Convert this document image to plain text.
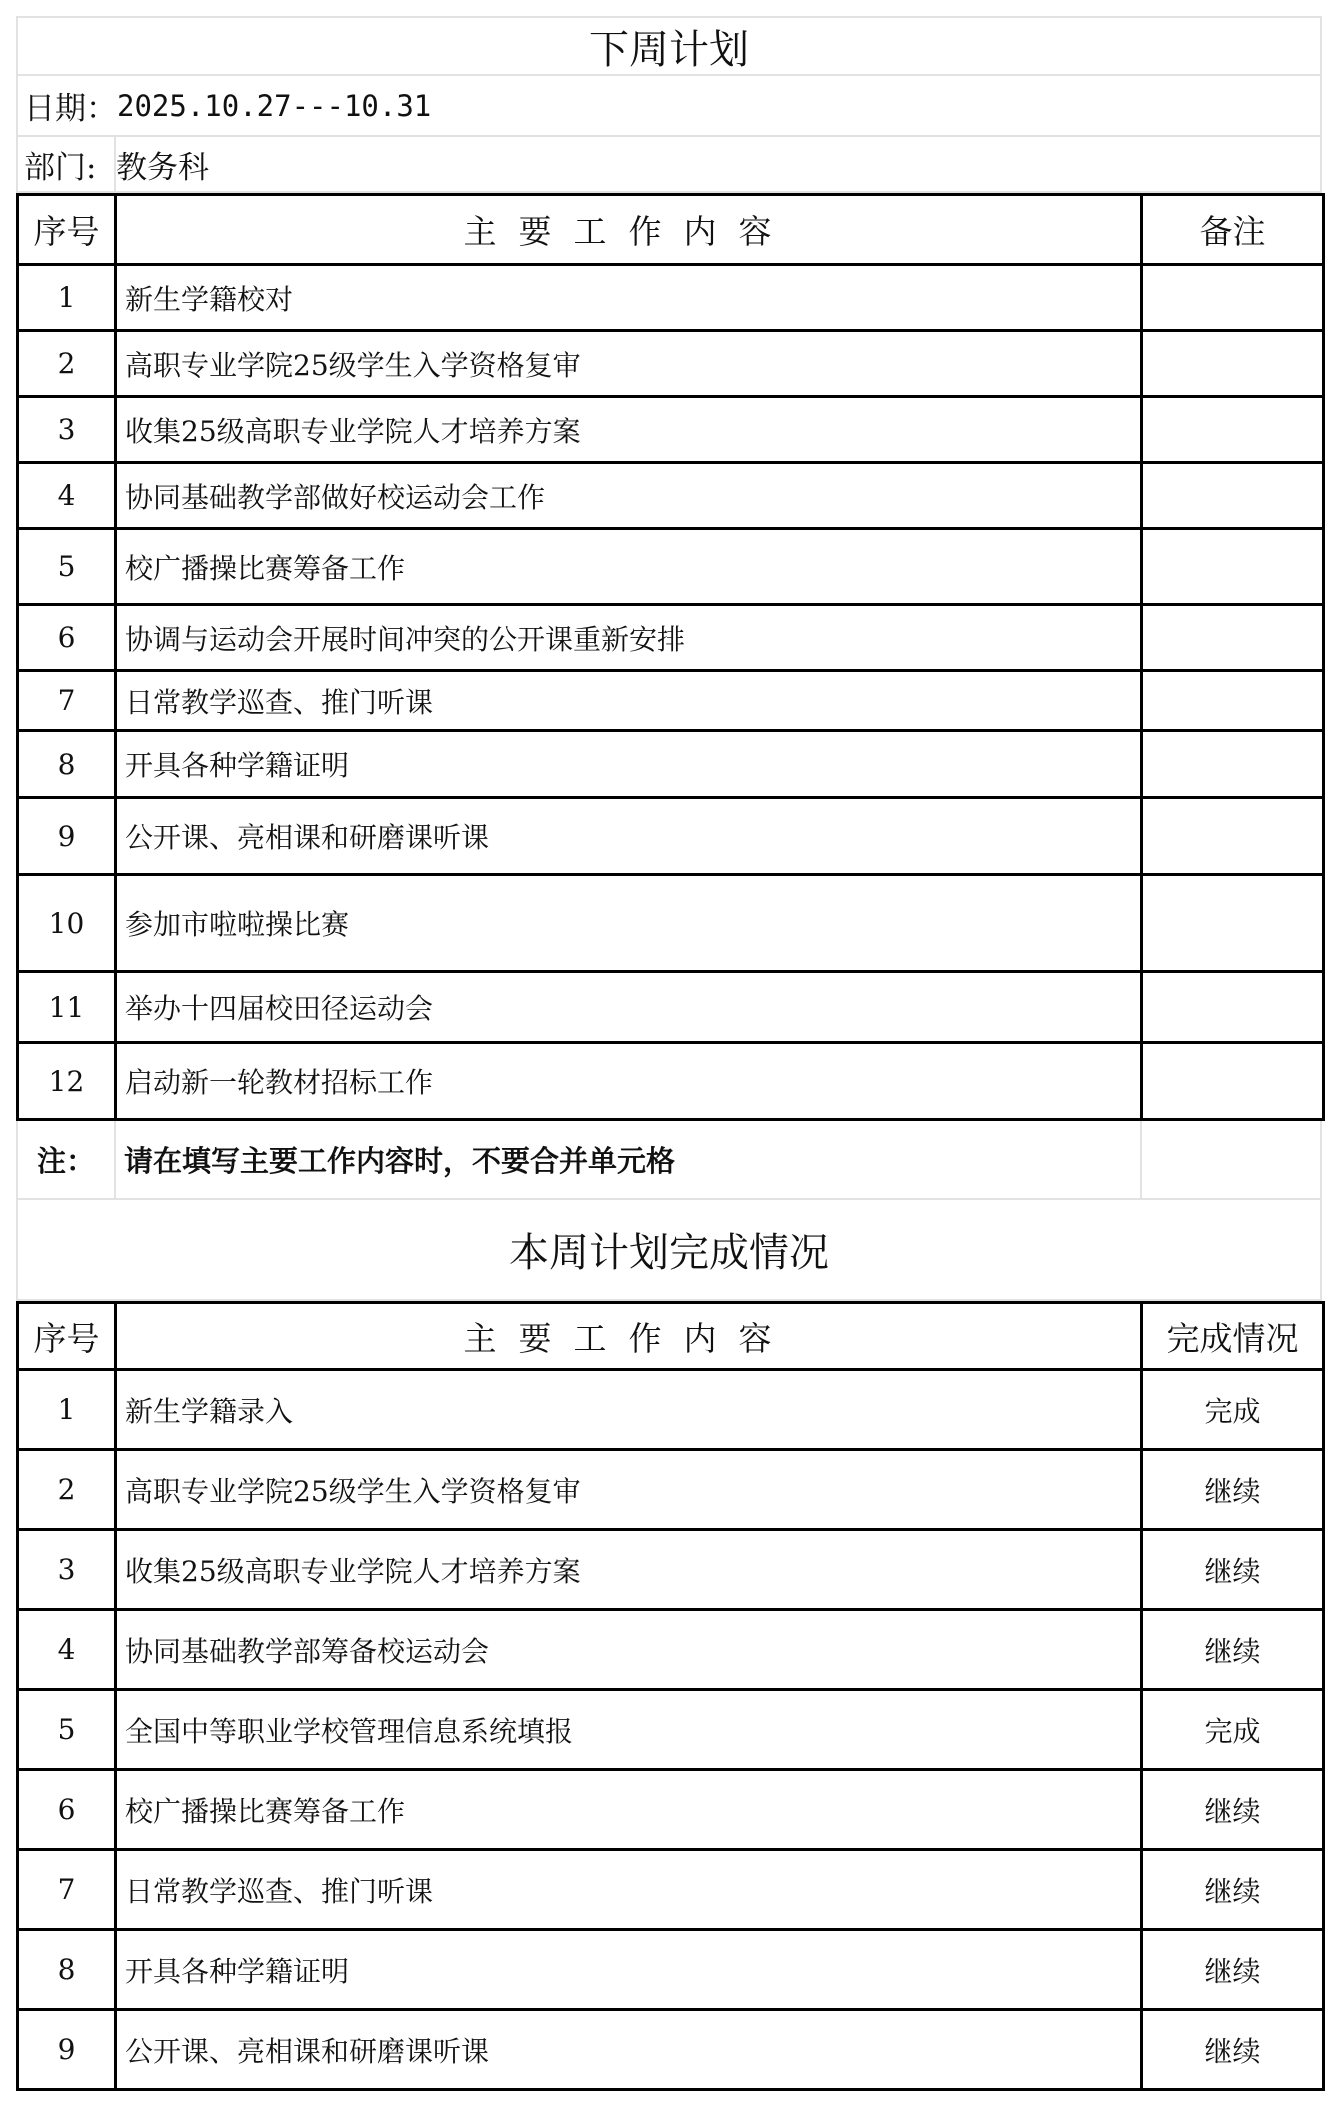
下周计划
日期： 2025.10.27---10.31
部门: 教务科
序号	主要工作内容	备注
1	新生学籍校对	
2	高职专业学院25级学生入学资格复审	
3	收集25级高职专业学院人才培养方案	
4	协同基础教学部做好校运动会工作	
5	校广播操比赛筹备工作	
6	协调与运动会开展时间冲突的公开课重新安排	
7	日常教学巡查、推门听课	
8	开具各种学籍证明	
9	公开课、亮相课和研磨课听课	
10	参加市啦啦操比赛	
11	举办十四届校田径运动会	
12	启动新一轮教材招标工作	
注： 请在填写主要工作内容时，不要合并单元格
本周计划完成情况
序号	主要工作内容	完成情况
1	新生学籍录入	完成
2	高职专业学院25级学生入学资格复审	继续
3	收集25级高职专业学院人才培养方案	继续
4	协同基础教学部筹备校运动会	继续
5	全国中等职业学校管理信息系统填报	完成
6	校广播操比赛筹备工作	继续
7	日常教学巡查、推门听课	继续
8	开具各种学籍证明	继续
9	公开课、亮相课和研磨课听课	继续
